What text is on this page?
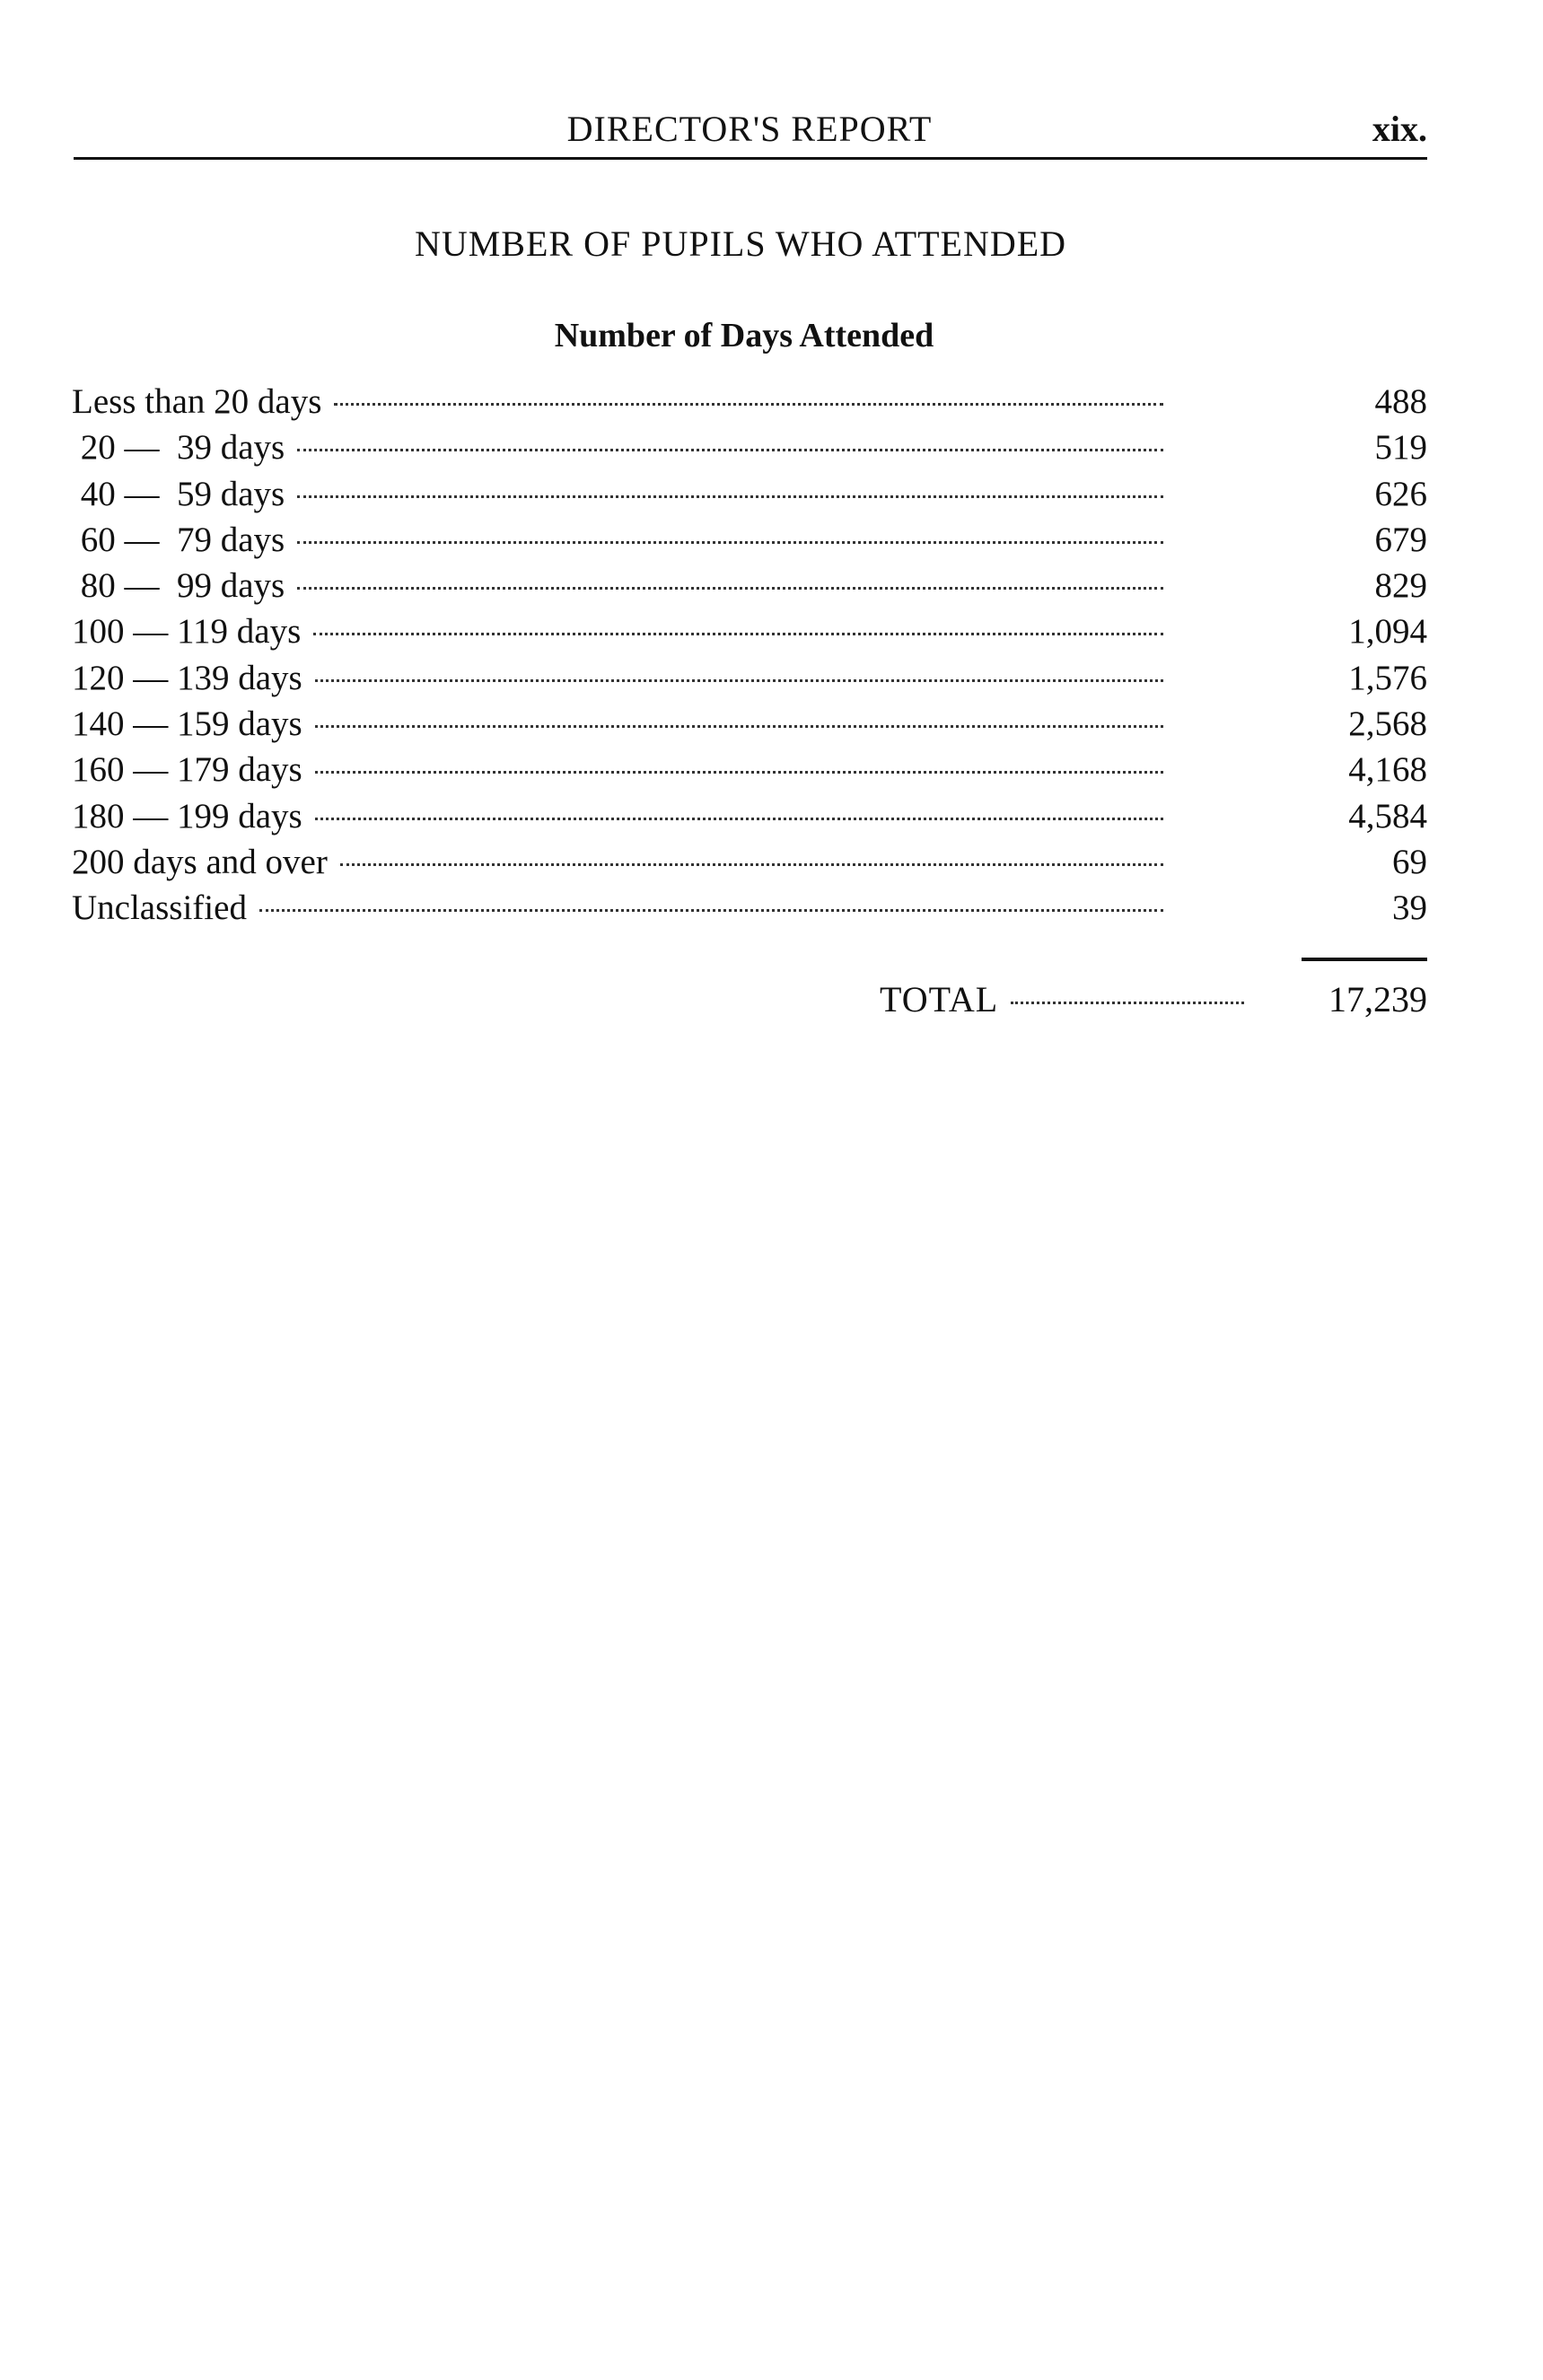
DIRECTOR'S REPORT	xix.
NUMBER OF PUPILS WHO ATTENDED
Number of Days Attended
Less than 20 days	488
20 —  39 days	519
40 —  59 days	626
60 —  79 days	679
80 —  99 days	829
100 — 119 days	1,094
120 — 139 days	1,576
140 — 159 days	2,568
160 — 179 days	4,168
180 — 199 days	4,584
200 days and over	69
Unclassified	39
TOTAL	17,239
